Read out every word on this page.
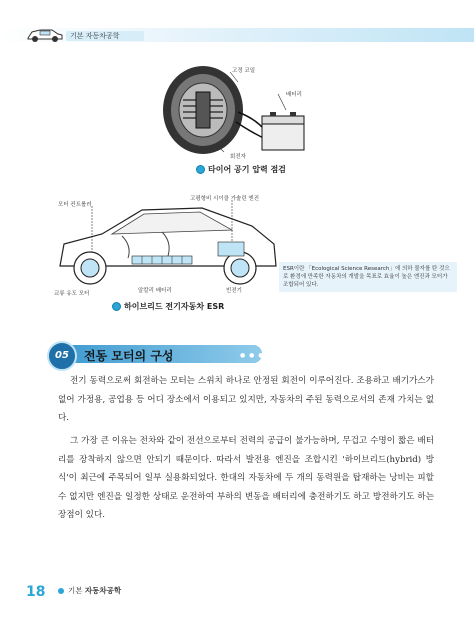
기본 자동차공학
고정 코일
배터리
회전자
타이어 공기 압력 점검
모터 컨트롤러
고평형비 시이클 가솔린 엔진
교류 유도 모터	알칼리 배터리	빈전기
하이브리드 전기자동차 ESR
ESR이란 「Ecological Science Research」에 의하 물자를 탄 것으로 환경에 만족한 자동차의 개발을 목표로 효율이 높은 엔진과 모터가 조합되어 있다.
05	전동 모터의 구성	● ● ●
전기 동력으로써 회전하는 모터는 스위치 하나로 안정된 회전이 이루어진다. 조용하고 배기가스가 없어 가정용, 공업용 등 어디 장소에서 이용되고 있지만, 자동차의 주된 동력으로서의 존재 가치는 없다.
그 가장 큰 이유는 전차와 같이 전선으로부터 전력의 공급이 불가능하며, 무겁고 수명이 짧은 배터리를 장착하지 않으면 안되기 때문이다. 따라서 발전용 엔진을 조합시킨 '하이브리드(hybrid) 방식'이 최근에 주목되어 일부 실용화되었다. 한대의 자동차에 두 개의 동력원을 탑재하는 낭비는 피할 수 없지만 엔진을 일정한 상태로 운전하여 부하의 변동을 배터리에 충전하기도 하고 방전하기도 하는 장점이 있다.
18	기본 자동차공학
